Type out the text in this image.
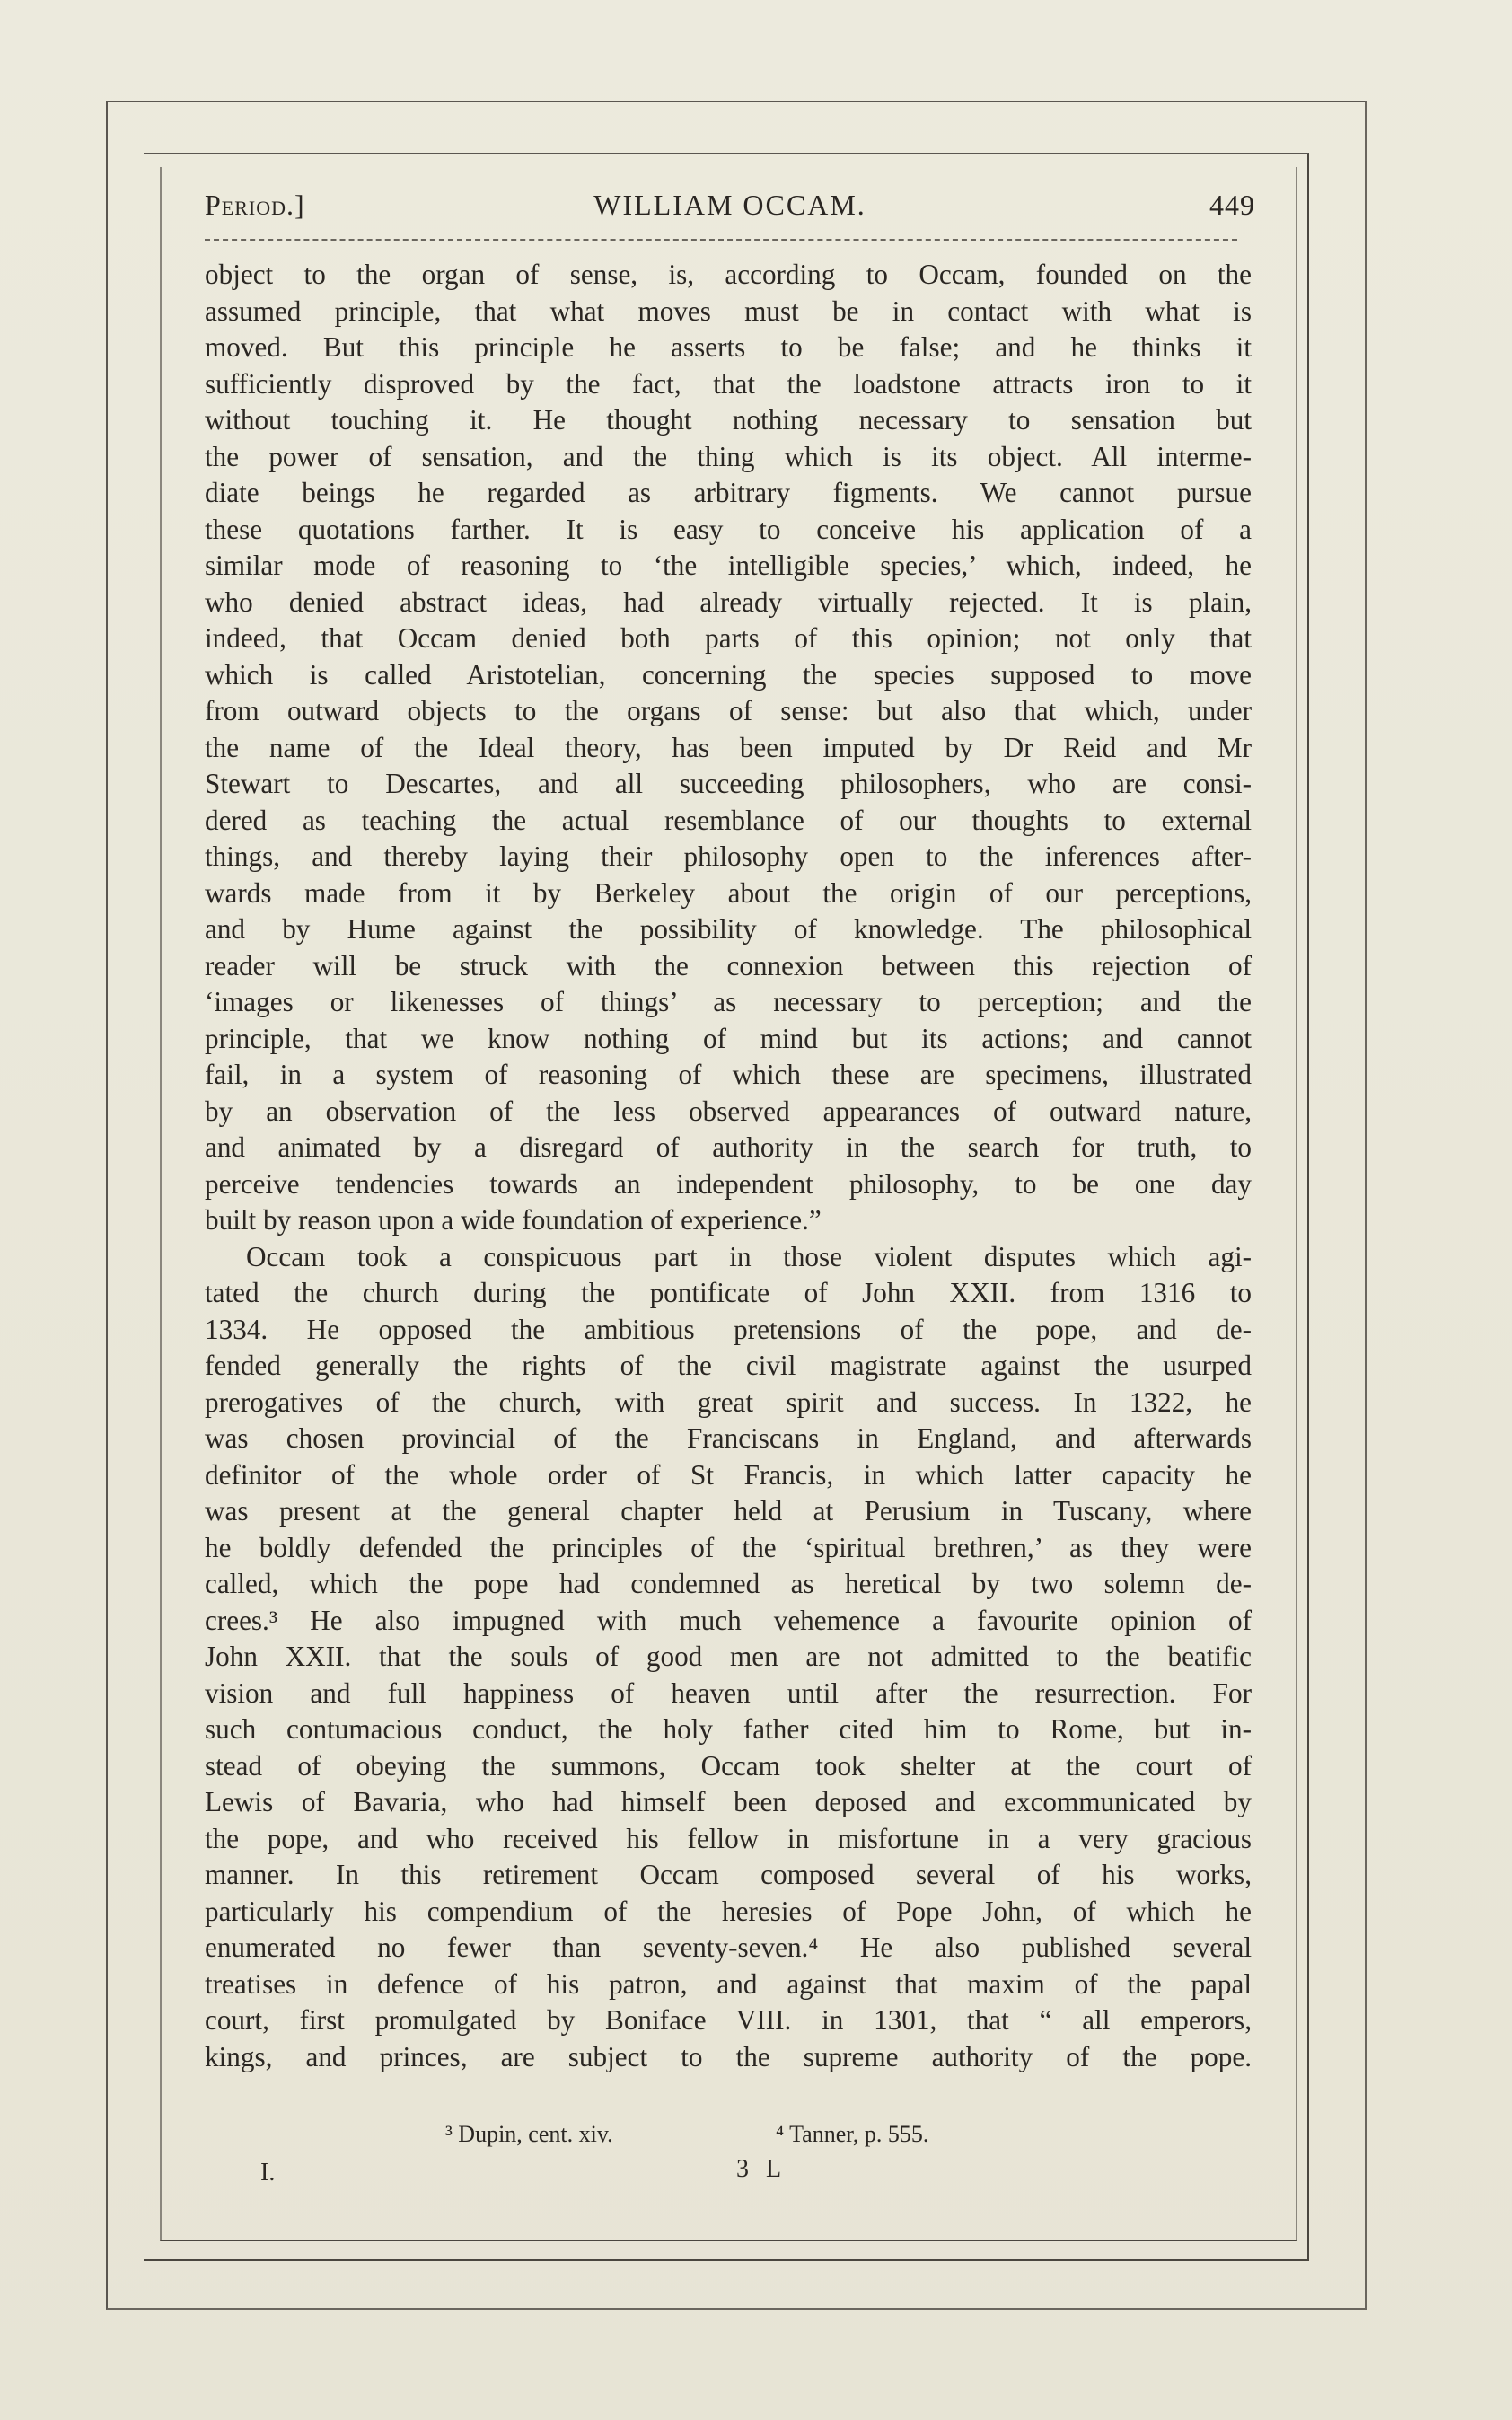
Period.]	WILLIAM OCCAM.	449
object to the organ of sense, is, according to Occam, founded on the
assumed principle, that what moves must be in contact with what is
moved. But this principle he asserts to be false; and he thinks it
sufficiently disproved by the fact, that the loadstone attracts iron to it
without touching it. He thought nothing necessary to sensation but
the power of sensation, and the thing which is its object. All interme-
diate beings he regarded as arbitrary figments. We cannot pursue
these quotations farther. It is easy to conceive his application of a
similar mode of reasoning to ‘the intelligible species,’ which, indeed, he
who denied abstract ideas, had already virtually rejected. It is plain,
indeed, that Occam denied both parts of this opinion; not only that
which is called Aristotelian, concerning the species supposed to move
from outward objects to the organs of sense: but also that which, under
the name of the Ideal theory, has been imputed by Dr Reid and Mr
Stewart to Descartes, and all succeeding philosophers, who are consi-
dered as teaching the actual resemblance of our thoughts to external
things, and thereby laying their philosophy open to the inferences after-
wards made from it by Berkeley about the origin of our perceptions,
and by Hume against the possibility of knowledge. The philosophical
reader will be struck with the connexion between this rejection of
‘images or likenesses of things’ as necessary to perception; and the
principle, that we know nothing of mind but its actions; and cannot
fail, in a system of reasoning of which these are specimens, illustrated
by an observation of the less observed appearances of outward nature,
and animated by a disregard of authority in the search for truth, to
perceive tendencies towards an independent philosophy, to be one day
built by reason upon a wide foundation of experience.”
Occam took a conspicuous part in those violent disputes which agi-
tated the church during the pontificate of John XXII. from 1316 to
1334. He opposed the ambitious pretensions of the pope, and de-
fended generally the rights of the civil magistrate against the usurped
prerogatives of the church, with great spirit and success. In 1322, he
was chosen provincial of the Franciscans in England, and afterwards
definitor of the whole order of St Francis, in which latter capacity he
was present at the general chapter held at Perusium in Tuscany, where
he boldly defended the principles of the ‘spiritual brethren,’ as they were
called, which the pope had condemned as heretical by two solemn de-
crees.³ He also impugned with much vehemence a favourite opinion of
John XXII. that the souls of good men are not admitted to the beatific
vision and full happiness of heaven until after the resurrection. For
such contumacious conduct, the holy father cited him to Rome, but in-
stead of obeying the summons, Occam took shelter at the court of
Lewis of Bavaria, who had himself been deposed and excommunicated by
the pope, and who received his fellow in misfortune in a very gracious
manner. In this retirement Occam composed several of his works,
particularly his compendium of the heresies of Pope John, of which he
enumerated no fewer than seventy-seven.⁴ He also published several
treatises in defence of his patron, and against that maxim of the papal
court, first promulgated by Boniface VIII. in 1301, that “ all emperors,
kings, and princes, are subject to the supreme authority of the pope.
³ Dupin, cent. xiv.	⁴ Tanner, p. 555.
I.	3 L
